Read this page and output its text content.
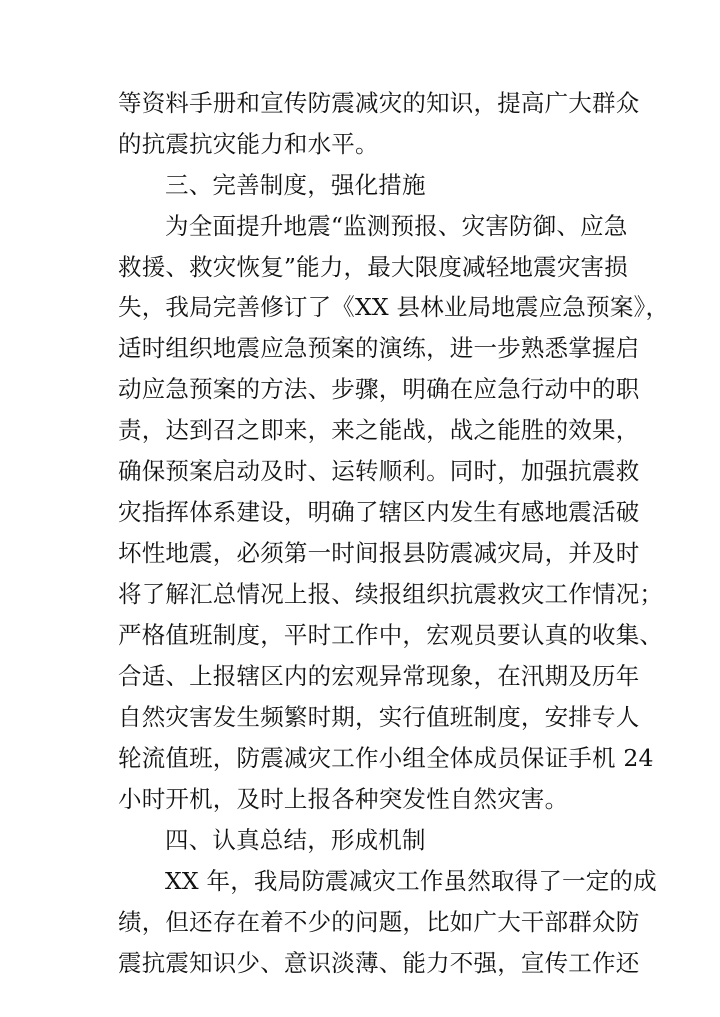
等资料手册和宣传防震减灾的知识，提高广大群众
的抗震抗灾能力和水平。
三、完善制度，强化措施
为全面提升地震“监测预报、灾害防御、应急
救援、救灾恢复”能力，最大限度减轻地震灾害损
失，我局完善修订了《XX 县林业局地震应急预案》，
适时组织地震应急预案的演练，进一步熟悉掌握启
动应急预案的方法、步骤，明确在应急行动中的职
责，达到召之即来，来之能战，战之能胜的效果，
确保预案启动及时、运转顺利。同时，加强抗震救
灾指挥体系建设，明确了辖区内发生有感地震活破
坏性地震，必须第一时间报县防震减灾局，并及时
将了解汇总情况上报、续报组织抗震救灾工作情况；
严格值班制度，平时工作中，宏观员要认真的收集、
合适、上报辖区内的宏观异常现象，在汛期及历年
自然灾害发生频繁时期，实行值班制度，安排专人
轮流值班，防震减灾工作小组全体成员保证手机 24
小时开机，及时上报各种突发性自然灾害。
四、认真总结，形成机制
XX 年，我局防震减灾工作虽然取得了一定的成
绩，但还存在着不少的问题，比如广大干部群众防
震抗震知识少、意识淡薄、能力不强，宣传工作还
